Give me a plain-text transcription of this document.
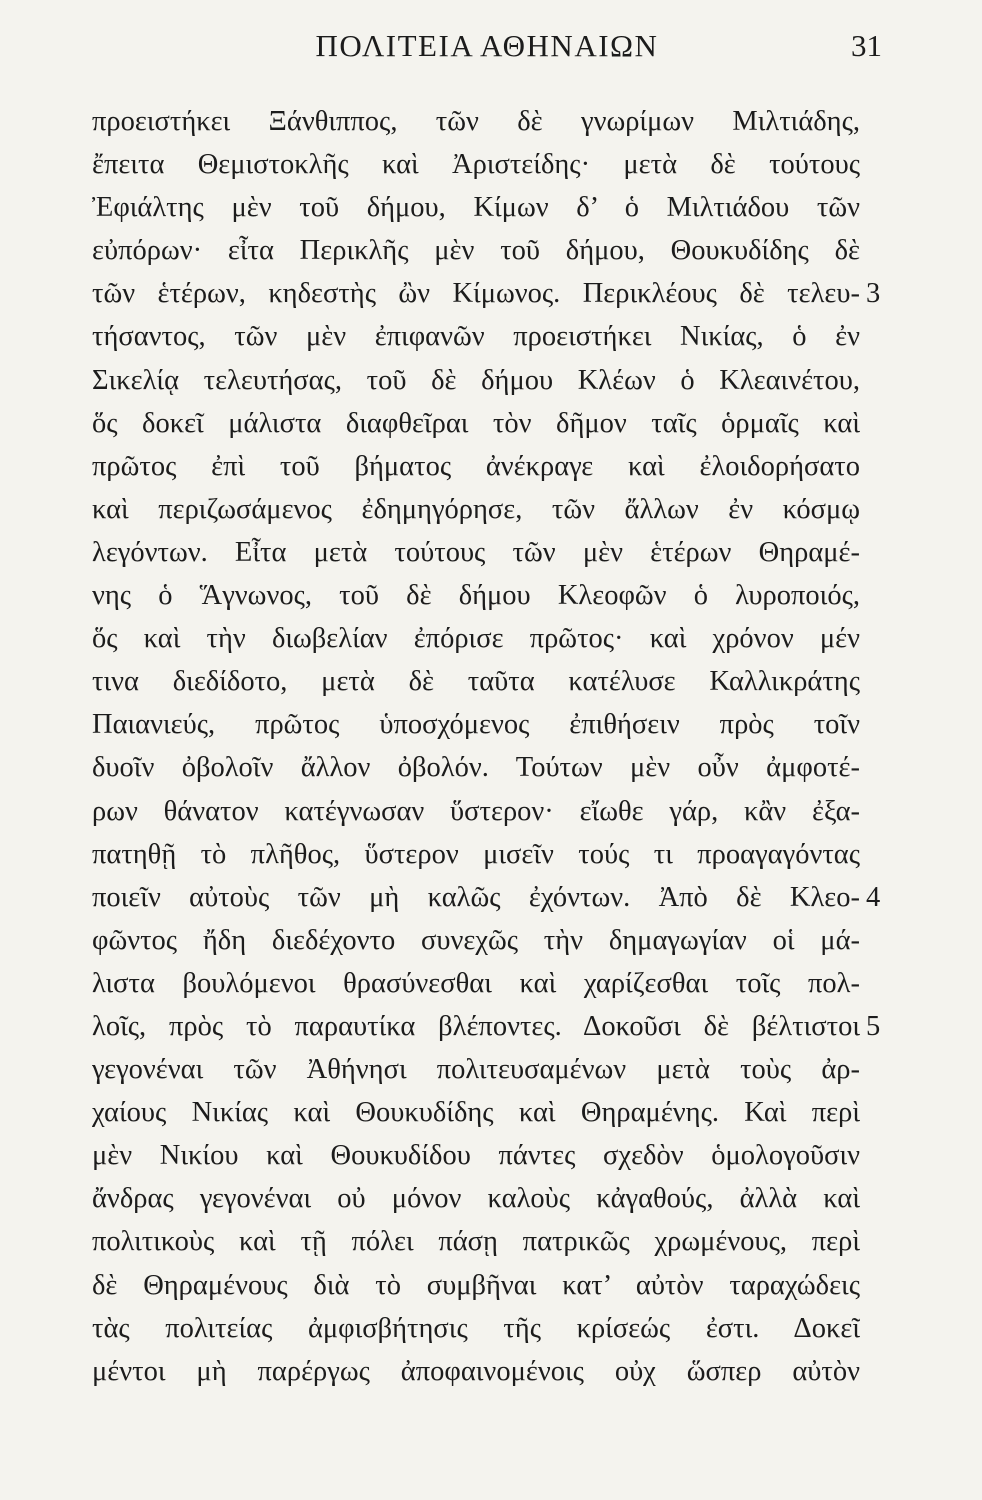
ΠΟΛΙΤΕΙΑ ΑΘΗΝΑΙΩΝ	31
προειστήκει Ξάνθιππος, τῶν δὲ γνωρίμων Μιλτιάδης,
ἔπειτα Θεμιστοκλῆς καὶ Ἀριστείδης· μετὰ δὲ τούτους
Ἐφιάλτης μὲν τοῦ δήμου, Κίμων δ’ ὁ Μιλτιάδου τῶν
εὐπόρων· εἶτα Περικλῆς μὲν τοῦ δήμου, Θουκυδίδης δὲ
τῶν ἑτέρων, κηδεστὴς ὢν Κίμωνος. Περικλέους δὲ τελευ-
τήσαντος, τῶν μὲν ἐπιφανῶν προειστήκει Νικίας, ὁ ἐν
Σικελίᾳ τελευτήσας, τοῦ δὲ δήμου Κλέων ὁ Κλεαινέτου,
ὅς δοκεῖ μάλιστα διαφθεῖραι τὸν δῆμον ταῖς ὁρμαῖς καὶ
πρῶτος ἐπὶ τοῦ βήματος ἀνέκραγε καὶ ἐλοιδορήσατο
καὶ περιζωσάμενος ἐδημηγόρησε, τῶν ἄλλων ἐν κόσμῳ
λεγόντων. Εἶτα μετὰ τούτους τῶν μὲν ἑτέρων Θηραμέ-
νης ὁ Ἅγνωνος, τοῦ δὲ δήμου Κλεοφῶν ὁ λυροποιός,
ὅς καὶ τὴν διωβελίαν ἐπόρισε πρῶτος· καὶ χρόνον μέν
τινα διεδίδοτο, μετὰ δὲ ταῦτα κατέλυσε Καλλικράτης
Παιανιεύς, πρῶτος ὑποσχόμενος ἐπιθήσειν πρὸς τοῖν
δυοῖν ὀβολοῖν ἄλλον ὀβολόν. Τούτων μὲν οὖν ἀμφοτέ-
ρων θάνατον κατέγνωσαν ὕστερον· εἴωθε γάρ, κἂν ἐξα-
πατηθῇ τὸ πλῆθος, ὕστερον μισεῖν τούς τι προαγαγόντας
ποιεῖν αὐτοὺς τῶν μὴ καλῶς ἐχόντων. Ἀπὸ δὲ Κλεο-
φῶντος ἤδη διεδέχοντο συνεχῶς τὴν δημαγωγίαν οἱ μά-
λιστα βουλόμενοι θρασύνεσθαι καὶ χαρίζεσθαι τοῖς πολ-
λοῖς, πρὸς τὸ παραυτίκα βλέποντες. Δοκοῦσι δὲ βέλτιστοι
γεγονέναι τῶν Ἀθήνησι πολιτευσαμένων μετὰ τοὺς ἀρ-
χαίους Νικίας καὶ Θουκυδίδης καὶ Θηραμένης. Καὶ περὶ
μὲν Νικίου καὶ Θουκυδίδου πάντες σχεδὸν ὁμολογοῦσιν
ἄνδρας γεγονέναι οὐ μόνον καλοὺς κἀγαθούς, ἀλλὰ καὶ
πολιτικοὺς καὶ τῇ πόλει πάσῃ πατρικῶς χρωμένους, περὶ
δὲ Θηραμένους διὰ τὸ συμβῆναι κατ’ αὐτὸν ταραχώδεις
τὰς πολιτείας ἀμφισβήτησις τῆς κρίσεώς ἐστι. Δοκεῖ
μέντοι μὴ παρέργως ἀποφαινομένοις οὐχ ὥσπερ αὐτὸν
3
4
5
